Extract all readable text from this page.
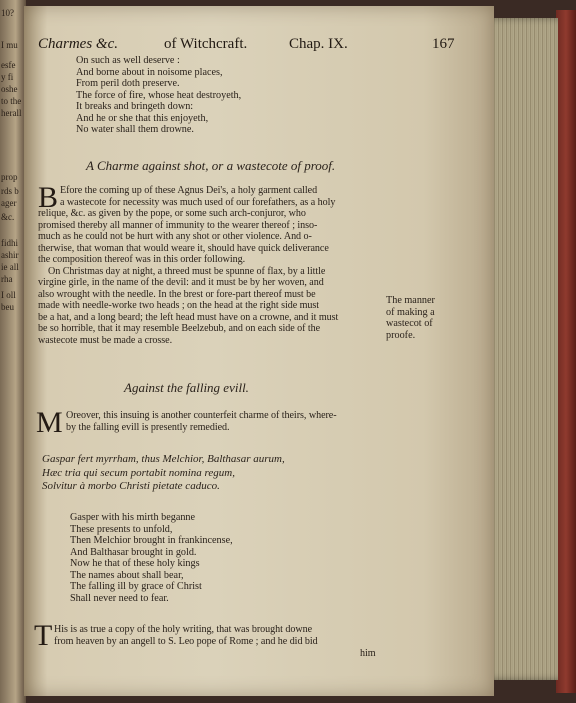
10?
I mu
esfe
y fi
oshe
to the
herall
prop
rds b
ager
&c.
fidhi
ashir
ie all
rha
I oll
beu
Charmes &c.	of Witchcraft.	Chap. IX.	167
On such as well deserve :
And borne about in noisome places,
From peril doth preserve.
The force of fire, whose heat destroyeth,
It breaks and bringeth down:
And he or she that this enjoyeth,
No water shall them drowne.
A Charme against shot, or a wastecote of proof.
B Efore the coming up of these Agnus Dei's, a holy garment called
a wastecote for necessity was much used of our forefathers, as a holy
relique, &c. as given by the pope, or some such arch-conjuror, who
promised thereby all manner of immunity to the wearer thereof ; inso-
much as he could not be hurt with any shot or other violence. And o-
therwise, that woman that would weare it, should have quick deliverance
the composition thereof was in this order following.
On Christmas day at night, a threed must be spunne of flax, by a little
virgine girle, in the name of the devil: and it must be by her woven, and
also wrought with the needle. In the brest or fore-part thereof must be
made with needle-worke two heads ; on the head at the right side must
be a hat, and a long beard; the left head must have on a crowne, and it must
be so horrible, that it may resemble Beelzebub, and on each side of the
wastecote must be made a crosse.
The manner
of making a
wastecot of
proofe.
Against the falling evill.
M Oreover, this insuing is another counterfeit charme of theirs, where-
by the falling evill is presently remedied.
Gaspar fert myrrham, thus Melchior, Balthasar aurum,
Hæc tria qui secum portabit nomina regum,
Solvitur à morbo Christi pietate caduco.
Gasper with his mirth beganne
These presents to unfold,
Then Melchior brought in frankincense,
And Balthasar brought in gold.
Now he that of these holy kings
The names about shall bear,
The falling ill by grace of Christ
Shall never need to fear.
T His is as true a copy of the holy writing, that was brought downe
from heaven by an angell to S. Leo pope of Rome ; and he did bid
him
